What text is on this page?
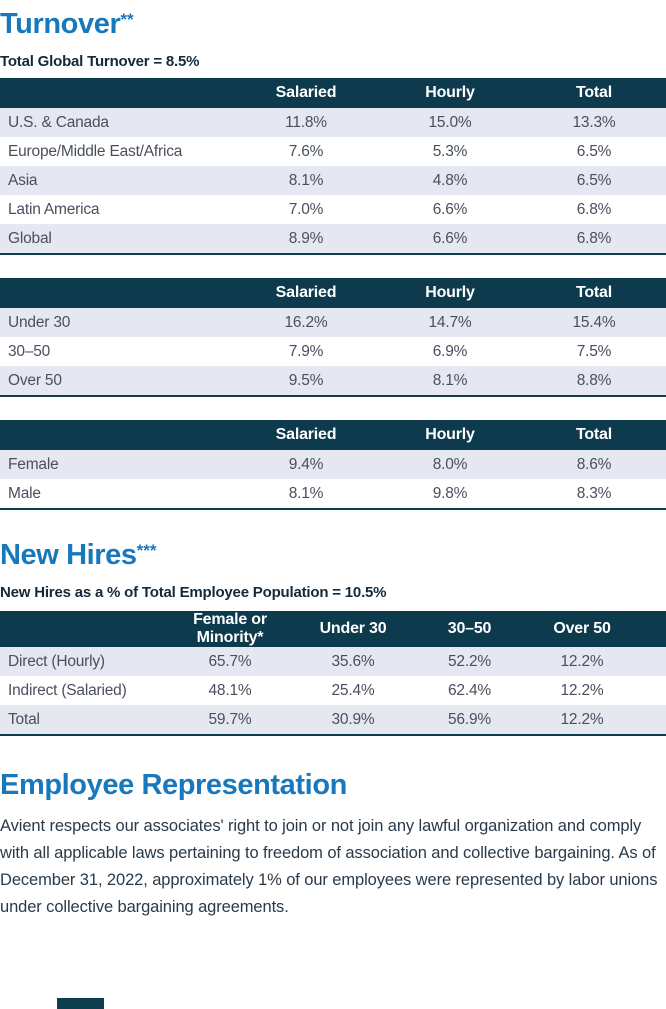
Turnover**

Total Global Turnover = 8.5%

	Salaried	Hourly	Total
U.S. & Canada	11.8%	15.0%	13.3%
Europe/Middle East/Africa	7.6%	5.3%	6.5%
Asia	8.1%	4.8%	6.5%
Latin America	7.0%	6.6%	6.8%
Global	8.9%	6.6%	6.8%
	Salaried	Hourly	Total
Under 30	16.2%	14.7%	15.4%
30–50	7.9%	6.9%	7.5%
Over 50	9.5%	8.1%	8.8%
	Salaried	Hourly	Total
Female	9.4%	8.0%	8.6%
Male	8.1%	9.8%	8.3%
New Hires***

New Hires as a % of Total Employee Population = 10.5%

	Female or Minority*	Under 30	30–50	Over 50
Direct (Hourly)	65.7%	35.6%	52.2%	12.2%
Indirect (Salaried)	48.1%	25.4%	62.4%	12.2%
Total	59.7%	30.9%	56.9%	12.2%
Employee Representation

Avient respects our associates' right to join or not join any lawful organization and comply with all applicable laws pertaining to freedom of association and collective bargaining. As of December 31, 2022, approximately 1% of our employees were represented by labor unions under collective bargaining agreements.
